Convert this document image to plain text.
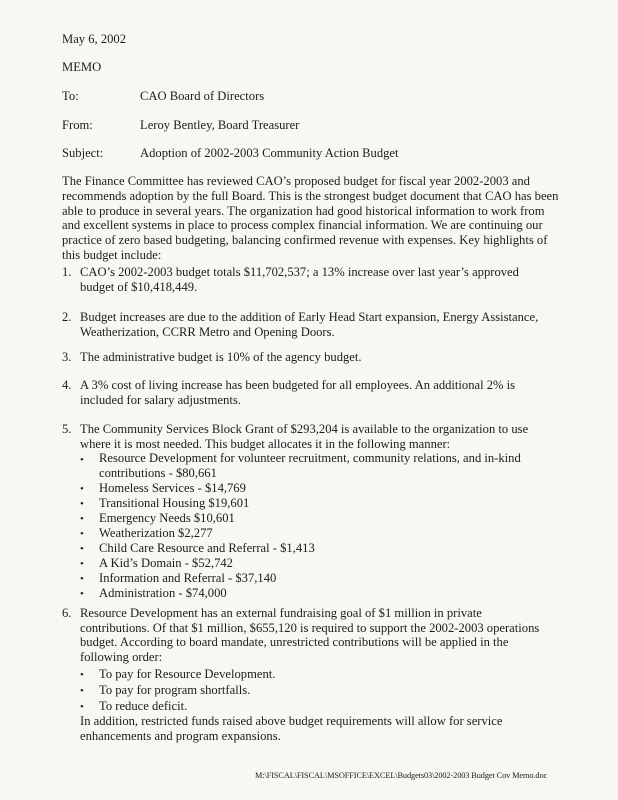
May 6, 2002
MEMO
To:	CAO Board of Directors
From:	Leroy Bentley, Board Treasurer
Subject:	Adoption of 2002-2003 Community Action Budget
The Finance Committee has reviewed CAO’s proposed budget for fiscal year 2002-2003 and recommends adoption by the full Board. This is the strongest budget document that CAO has been able to produce in several years. The organization had good historical information to work from and excellent systems in place to process complex financial information. We are continuing our practice of zero based budgeting, balancing confirmed revenue with expenses. Key highlights of this budget include:
1. CAO’s 2002-2003 budget totals $11,702,537; a 13% increase over last year’s approved budget of $10,418,449.
2. Budget increases are due to the addition of Early Head Start expansion, Energy Assistance, Weatherization, CCRR Metro and Opening Doors.
3. The administrative budget is 10% of the agency budget.
4. A 3% cost of living increase has been budgeted for all employees. An additional 2% is included for salary adjustments.
5. The Community Services Block Grant of $293,204 is available to the organization to use where it is most needed. This budget allocates it in the following manner:
• Resource Development for volunteer recruitment, community relations, and in-kind contributions - $80,661
• Homeless Services - $14,769
• Transitional Housing $19,601
• Emergency Needs $10,601
• Weatherization $2,277
• Child Care Resource and Referral - $1,413
• A Kid’s Domain - $52,742
• Information and Referral - $37,140
• Administration - $74,000
6. Resource Development has an external fundraising goal of $1 million in private contributions. Of that $1 million, $655,120 is required to support the 2002-2003 operations budget. According to board mandate, unrestricted contributions will be applied in the following order:
• To pay for Resource Development.
• To pay for program shortfalls.
• To reduce deficit.
In addition, restricted funds raised above budget requirements will allow for service enhancements and program expansions.
M:\FISCAL\FISCAL\MSOFFICE\EXCEL\Budgets03\2002-2003 Budget Cov Memo.doc
